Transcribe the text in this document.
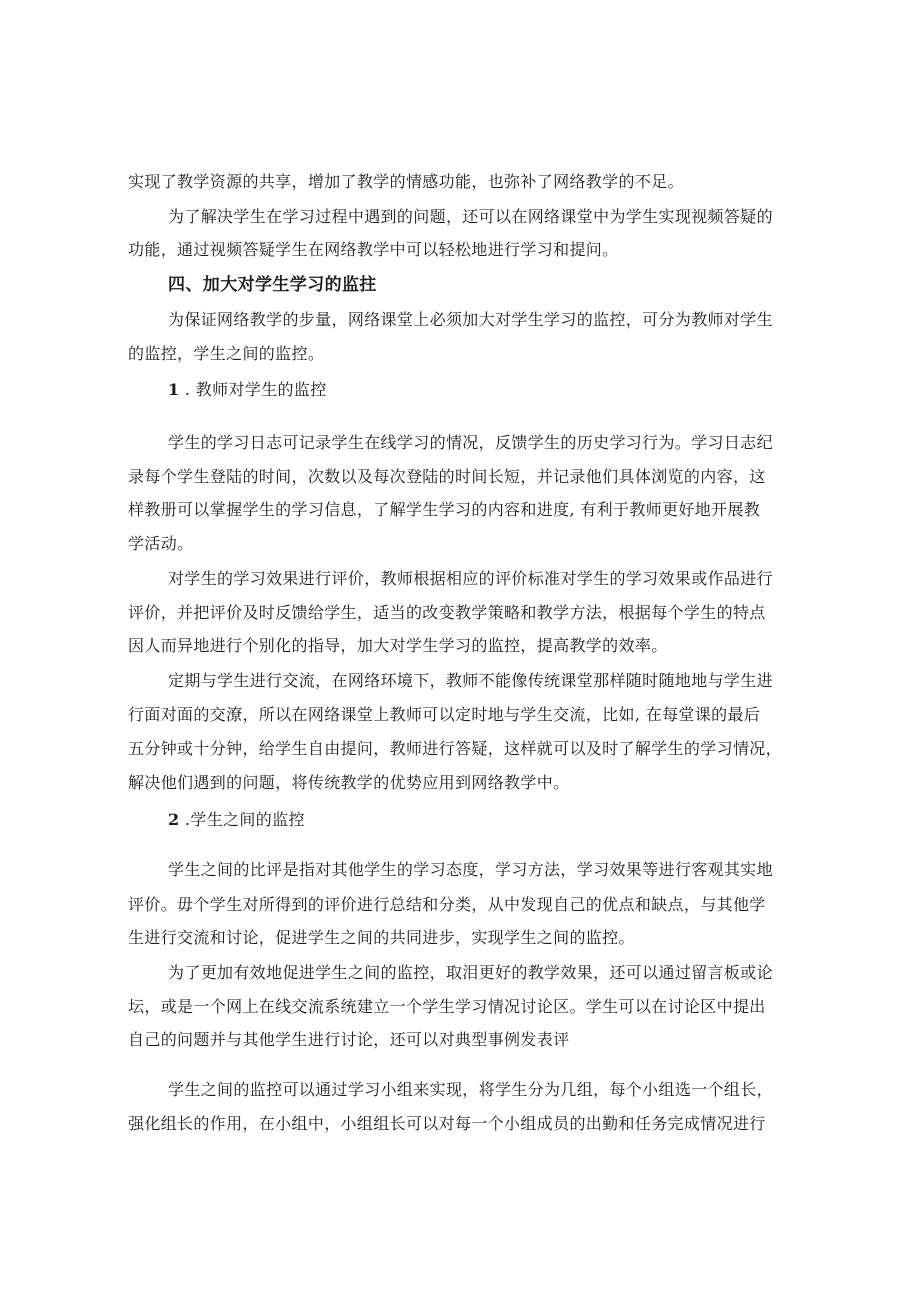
实现了教学资源的共享，增加了教学的情感功能，也弥补了网络教学的不足。
为了解决学生在学习过程中遇到的问题，还可以在网络课堂中为学生实现视频答疑的
功能，通过视频答疑学生在网络教学中可以轻松地进行学习和提问。
四、加大对学生学习的监拄
为保证网络教学的步量，网络课堂上必须加大对学生学习的监控，可分为教师对学生
的监控，学生之间的监控。
1 . 教师对学生的监控
学生的学习日志可记录学生在线学习的情况，反馈学生的历史学习行为。学习日志纪
录每个学生登陆的时间，次数以及每次登陆的时间长短，并记录他们具体浏览的内容，这
样教册可以掌握学生的学习信息，了解学生学习的内容和进度, 有利于教师更好地开展教
学活动。
对学生的学习效果进行评价，教师根据相应的评价标准对学生的学习效果或作品进行
评价，并把评价及时反馈给学生，适当的改变教学策略和教学方法，根据每个学生的特点
因人而异地进行个别化的指导，加大对学生学习的监控，提高教学的效率。
定期与学生进行交流，在网络环境下，教师不能像传统课堂那样随时随地地与学生进
行面对面的交潦，所以在网络课堂上教师可以定时地与学生交流，比如, 在每堂课的最后
五分钟或十分钟，给学生自由提问，教师进行答疑，这样就可以及时了解学生的学习情况，
解决他们遇到的问题，将传统教学的优势应用到网络教学中。
2 .学生之间的监控
学生之间的比评是指对其他学生的学习态度，学习方法，学习效果等进行客观其实地
评价。毋个学生对所得到的评价进行总结和分类，从中发现自己的优点和缺点，与其他学
生进行交流和讨论，促进学生之间的共同进步，实现学生之间的监控。
为了更加有效地促进学生之间的监控，取泪更好的教学效果，还可以通过留言板或论
坛，或是一个网上在线交流系统建立一个学生学习情况讨论区。学生可以在讨论区中提出
自己的问题并与其他学生进行讨论，还可以对典型事例发表评
学生之间的监控可以通过学习小组来实现，将学生分为几组，每个小组选一个组长，
强化组长的作用，在小组中，小组组长可以对每一个小组成员的出勤和任务完成情况进行
